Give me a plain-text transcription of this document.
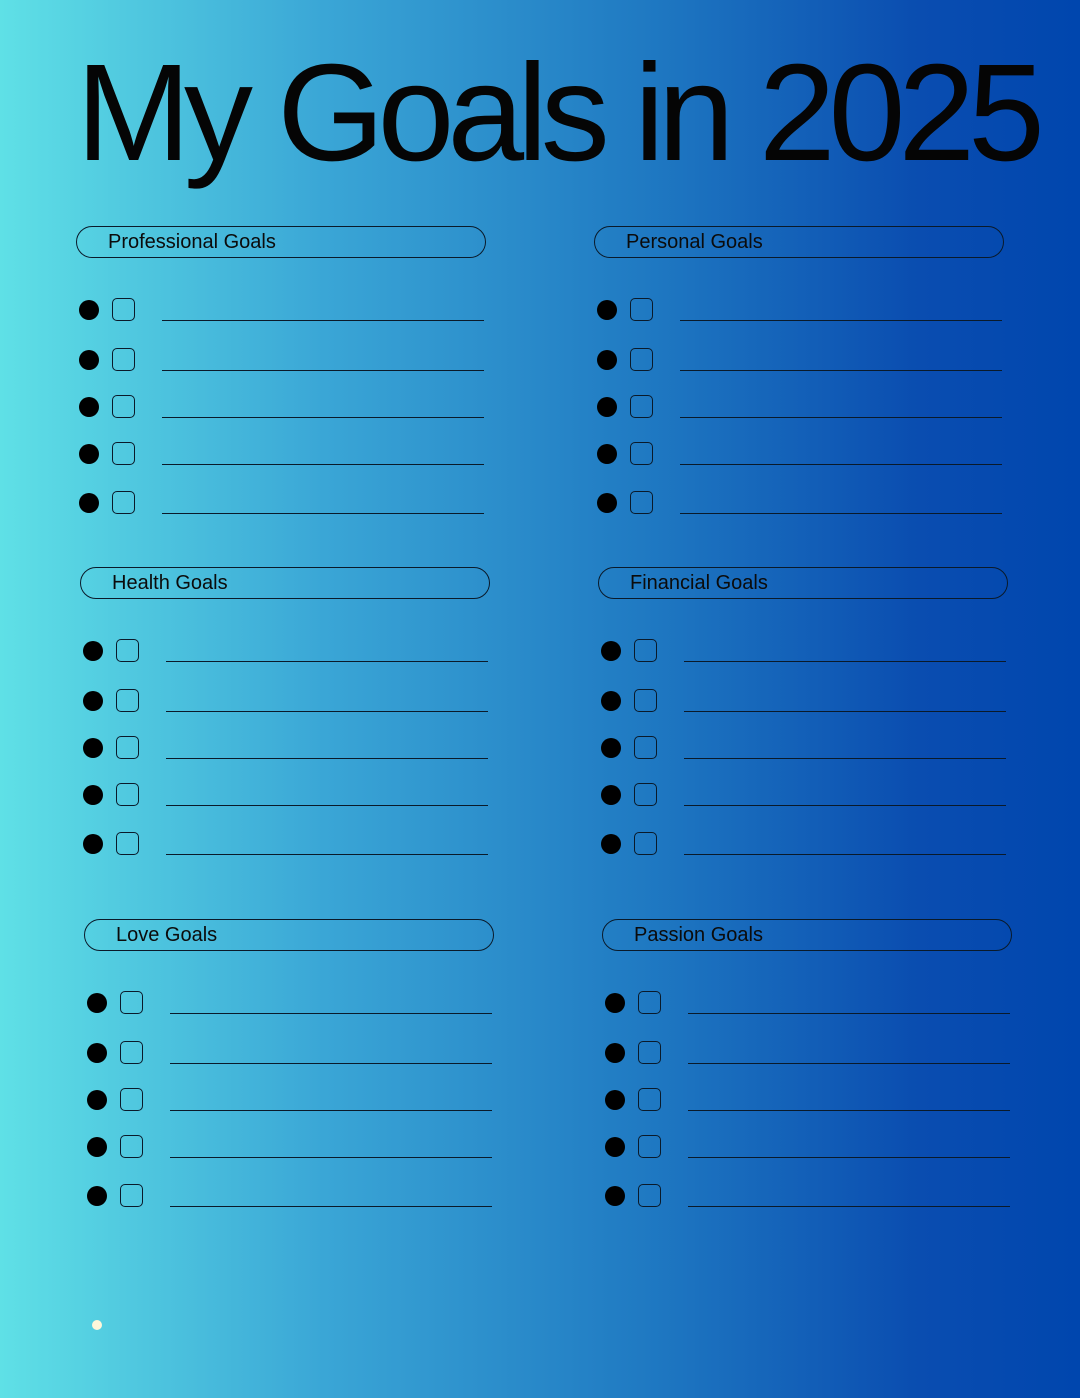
My Goals in 2025
Professional Goals	Personal Goals
Health Goals	Financial Goals
Love Goals	Passion Goals
